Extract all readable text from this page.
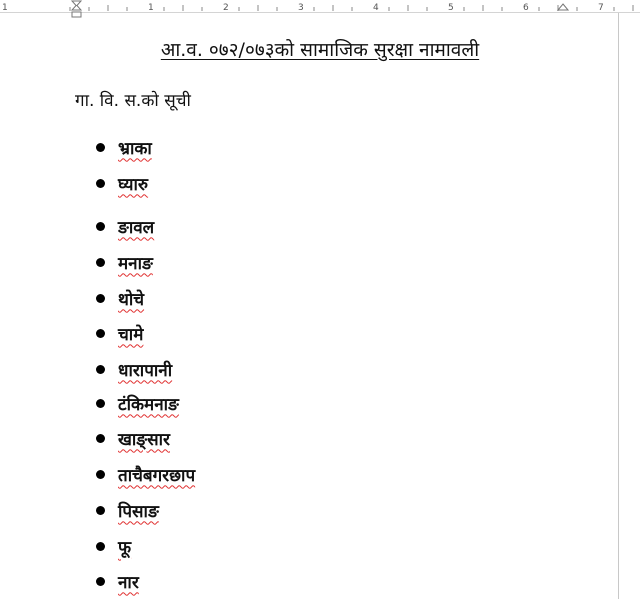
1	1	2	3	4	5	6	7
आ.व. ०७२/०७३को सामाजिक सुरक्षा नामावली
गा. वि. स.को सूची
भ्राका
घ्यारु
ङावल
मनाङ
थोचे
चामे
धारापानी
टंकिमनाङ
खाङ्सार
ताचैबगरछाप
पिसाङ
फू
नार
